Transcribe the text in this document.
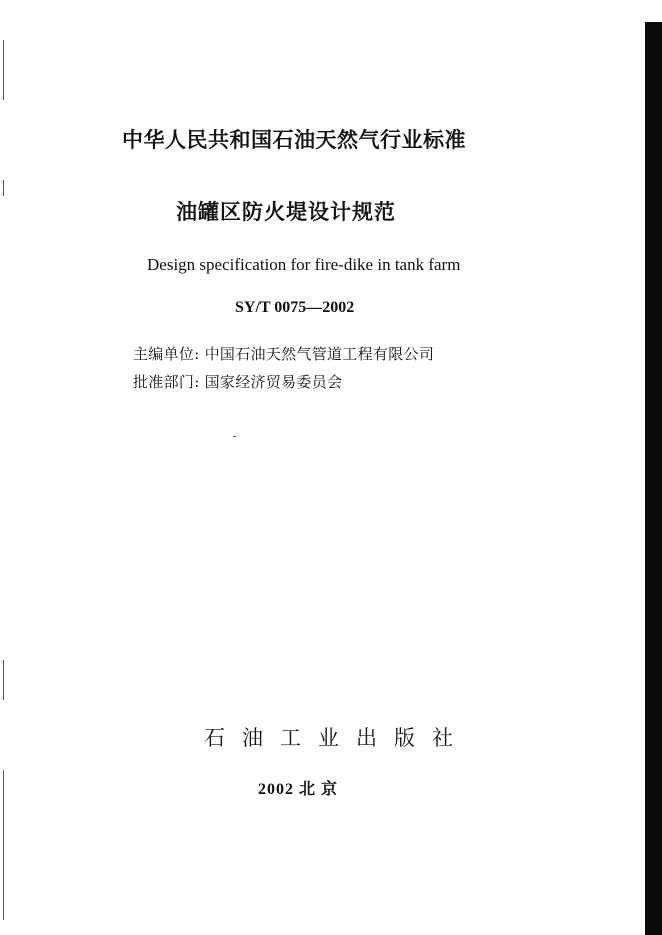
中华人民共和国石油天然气行业标准
油罐区防火堤设计规范
Design specification for fire-dike in tank farm
SY/T 0075—2002
主编单位: 中国石油天然气管道工程有限公司
批准部门: 国家经济贸易委员会
石油工业出版社
2002 北 京
